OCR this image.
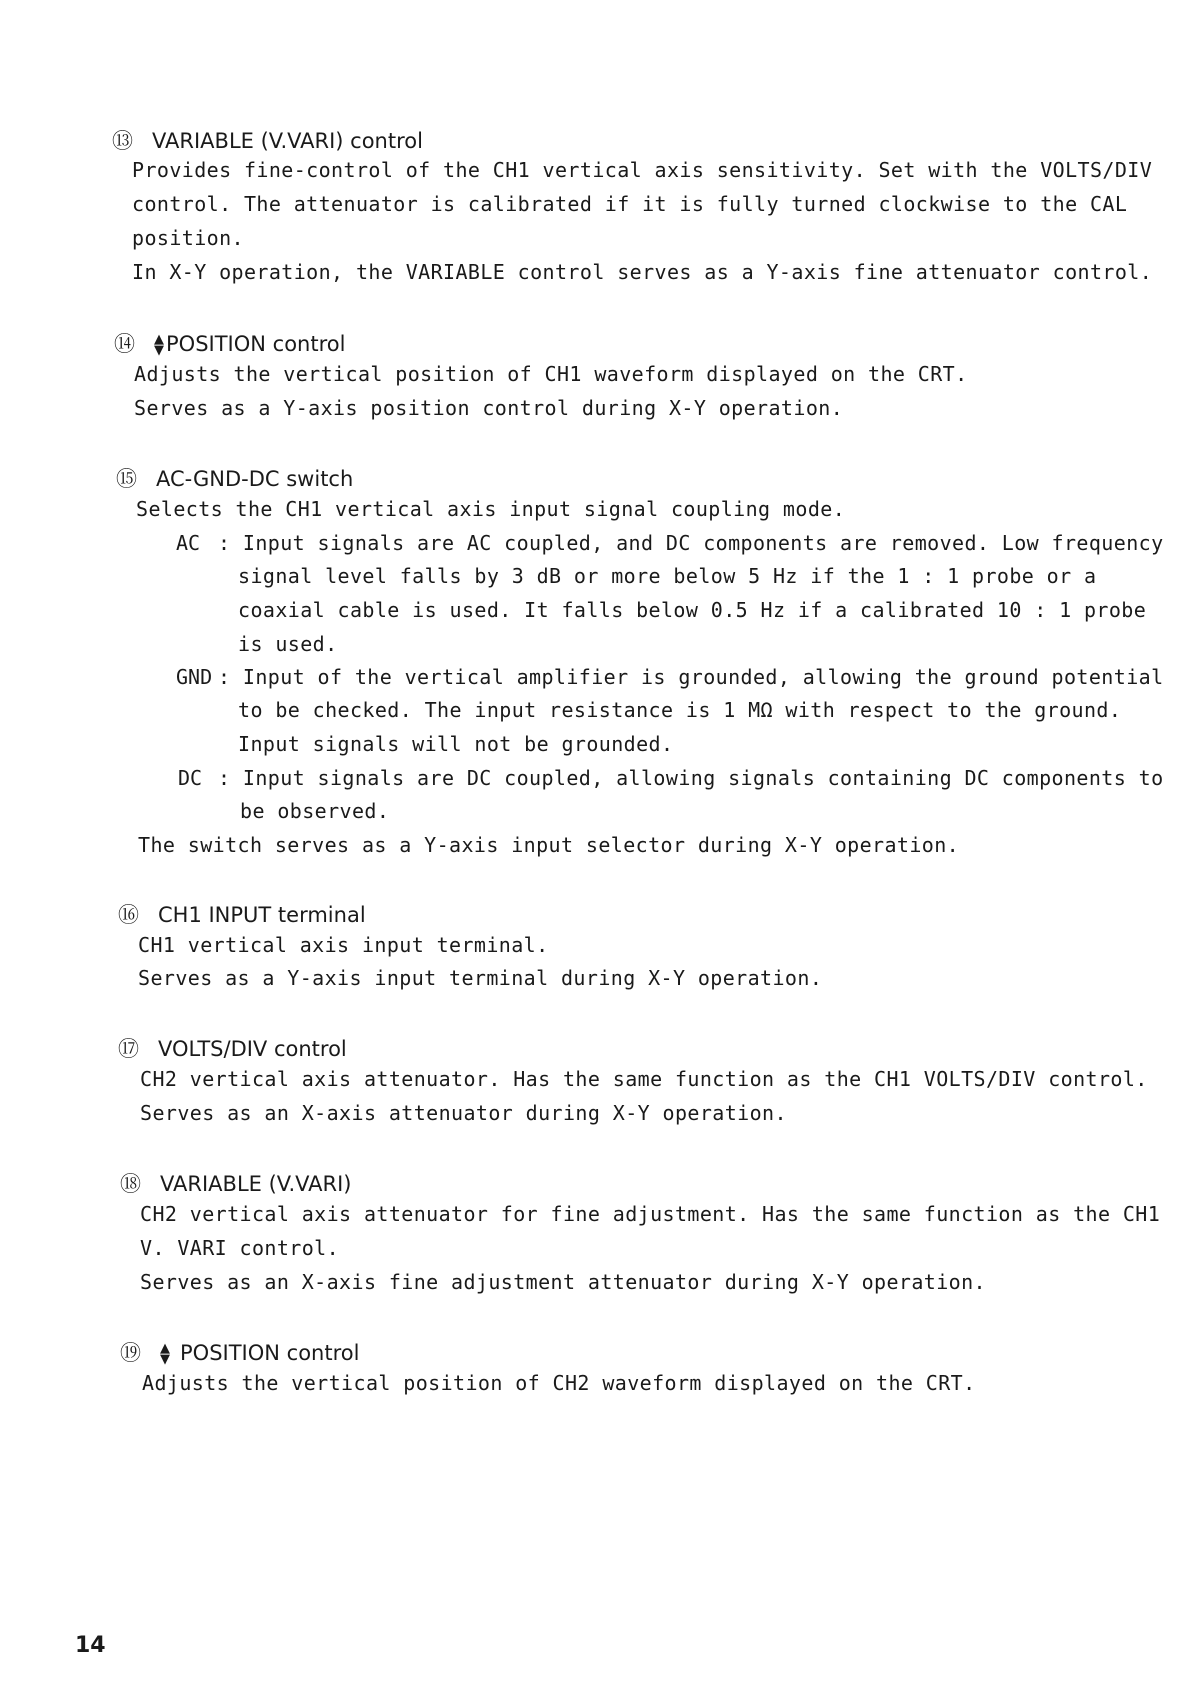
⑬ VARIABLE (V.VARI) control
Provides fine-control of the CH1 vertical axis sensitivity. Set with the VOLTS/DIV
control. The attenuator is calibrated if it is fully turned clockwise to the CAL
position.
In X-Y operation, the VARIABLE control serves as a Y-axis fine attenuator control.
⑭ ▲
▼ POSITION control
Adjusts the vertical position of CH1 waveform displayed on the CRT.
Serves as a Y-axis position control during X-Y operation.
⑮ AC-GND-DC switch
Selects the CH1 vertical axis input signal coupling mode.
AC : Input signals are AC coupled, and DC components are removed. Low frequency
signal level falls by 3 dB or more below 5 Hz if the 1 : 1 probe or a
coaxial cable is used. It falls below 0.5 Hz if a calibrated 10 : 1 probe
is used.
GND : Input of the vertical amplifier is grounded, allowing the ground potential
to be checked. The input resistance is 1 MΩ with respect to the ground.
Input signals will not be grounded.
DC : Input signals are DC coupled, allowing signals containing DC components to
be observed.
The switch serves as a Y-axis input selector during X-Y operation.
⑯ CH1 INPUT terminal
CH1 vertical axis input terminal.
Serves as a Y-axis input terminal during X-Y operation.
⑰ VOLTS/DIV control
CH2 vertical axis attenuator. Has the same function as the CH1 VOLTS/DIV control.
Serves as an X-axis attenuator during X-Y operation.
⑱ VARIABLE (V.VARI)
CH2 vertical axis attenuator for fine adjustment. Has the same function as the CH1
V. VARI control.
Serves as an X-axis fine adjustment attenuator during X-Y operation.
⑲ ▲
▼ POSITION control
Adjusts the vertical position of CH2 waveform displayed on the CRT.
14
